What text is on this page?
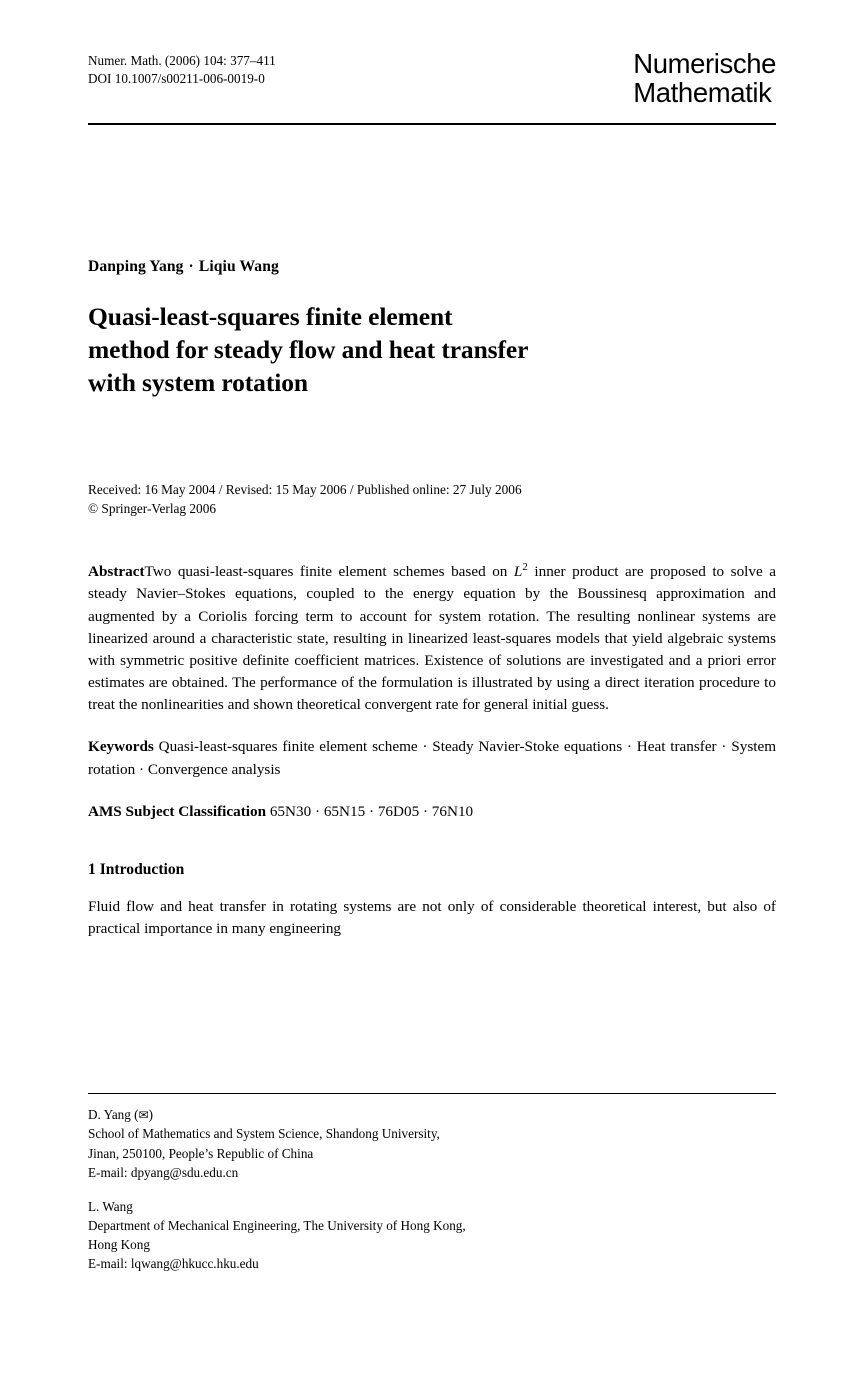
Numer. Math. (2006) 104: 377–411
DOI 10.1007/s00211-006-0019-0	Numerische
Mathematik
Danping Yang · Liqiu Wang
Quasi-least-squares finite element
method for steady flow and heat transfer
with system rotation
Received: 16 May 2004 / Revised: 15 May 2006 / Published online: 27 July 2006
© Springer-Verlag 2006
AbstractTwo quasi-least-squares finite element schemes based on $L^2$ inner product are proposed to solve a steady Navier–Stokes equations, coupled to the energy equation by the Boussinesq approximation and augmented by a Coriolis forcing term to account for system rotation. The resulting nonlinear systems are linearized around a characteristic state, resulting in linearized least-squares models that yield algebraic systems with symmetric positive definite coefficient matrices. Existence of solutions are investigated and a priori error estimates are obtained. The performance of the formulation is illustrated by using a direct iteration procedure to treat the nonlinearities and shown theoretical convergent rate for general initial guess.
Keywords Quasi-least-squares finite element scheme · Steady Navier-Stoke equations · Heat transfer · System rotation · Convergence analysis
AMS Subject Classification 65N30 · 65N15 · 76D05 · 76N10
1 Introduction
Fluid flow and heat transfer in rotating systems are not only of considerable theoretical interest, but also of practical importance in many engineering
D. Yang (✉)
School of Mathematics and System Science, Shandong University,
Jinan, 250100, People’s Republic of China
E-mail: dpyang@sdu.edu.cn
L. Wang
Department of Mechanical Engineering, The University of Hong Kong,
Hong Kong
E-mail: lqwang@hkucc.hku.edu
